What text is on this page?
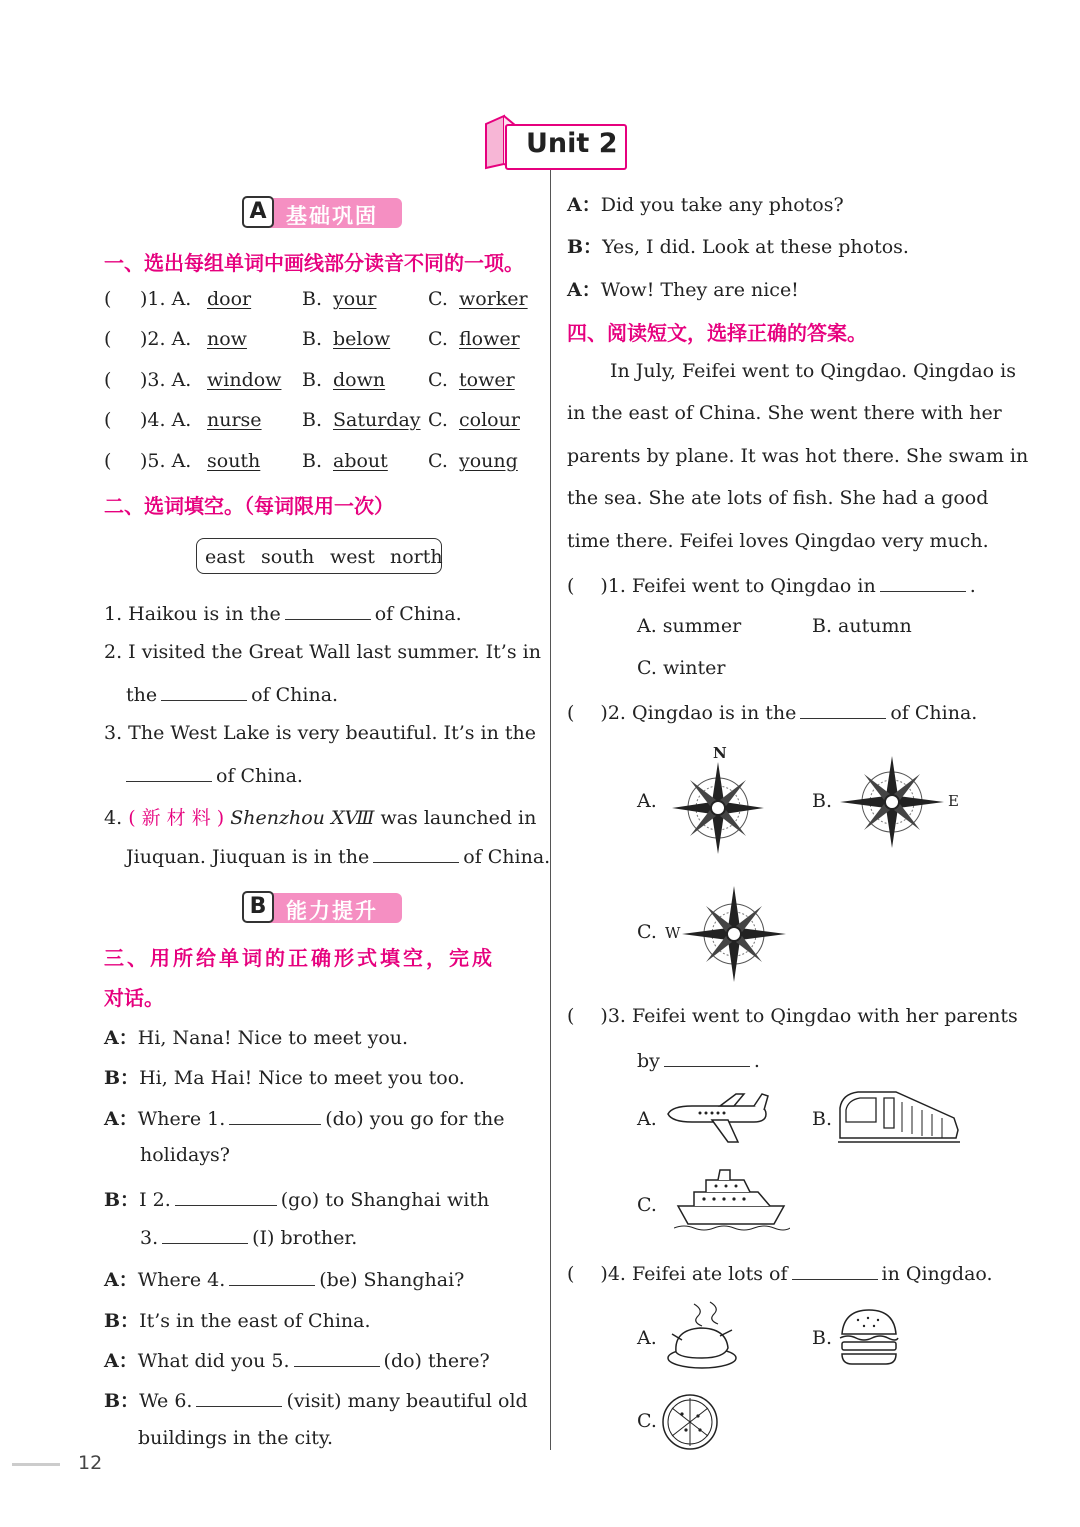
Unit 2
A 基础巩固
一、选出每组单词中画线部分读音不同的一项。
( )1. A. door	B. your	C. worker
( )2. A. now	B. below C. flower
( )3. A. window B. down C. tower
( )4. A. nurse B. Saturday C. colour
( )5. A. south B. about C. young
二、选词填空。（每词限用一次）
east south west north
1. Haikou is in the	of China.
2. I visited the Great Wall last summer. It’s in
the	of China.
3. The West Lake is very beautiful. It’s in the
of China.
4. ( 新 材 料 ) Shenzhou XⅧ was launched in
Jiuquan. Jiuquan is in the	of China.
B 能力提升
三、用所给单词的正确形式填空，完成
对话。
A：Hi, Nana! Nice to meet you.
B：Hi, Ma Hai! Nice to meet you too.
A：Where 1.	(do) you go for the
holidays?
B：I 2.	(go) to Shanghai with
3.	(I) brother.
A：Where 4.	(be) Shanghai?
B：It’s in the east of China.
A：What did you 5.	(do) there?
B：We 6.	(visit) many beautiful old
buildings in the city.
A：Did you take any photos?
B：Yes, I did. Look at these photos.
A：Wow! They are nice!
四、阅读短文，选择正确的答案。
In July, Feifei went to Qingdao. Qingdao is
in the east of China. She went there with her
parents by plane. It was hot there. She swam in
the sea. She ate lots of fish. She had a good
time there. Feifei loves Qingdao very much.
( )1. Feifei went to Qingdao in	.
A. summer	B. autumn
C. winter
( )2. Qingdao is in the	of China.
A.	B.
C.
N
E
W
( )3. Feifei went to Qingdao with her parents
by	.
A.	B.
C.
( )4. Feifei ate lots of	in Qingdao.
A.	B.
C.
12
